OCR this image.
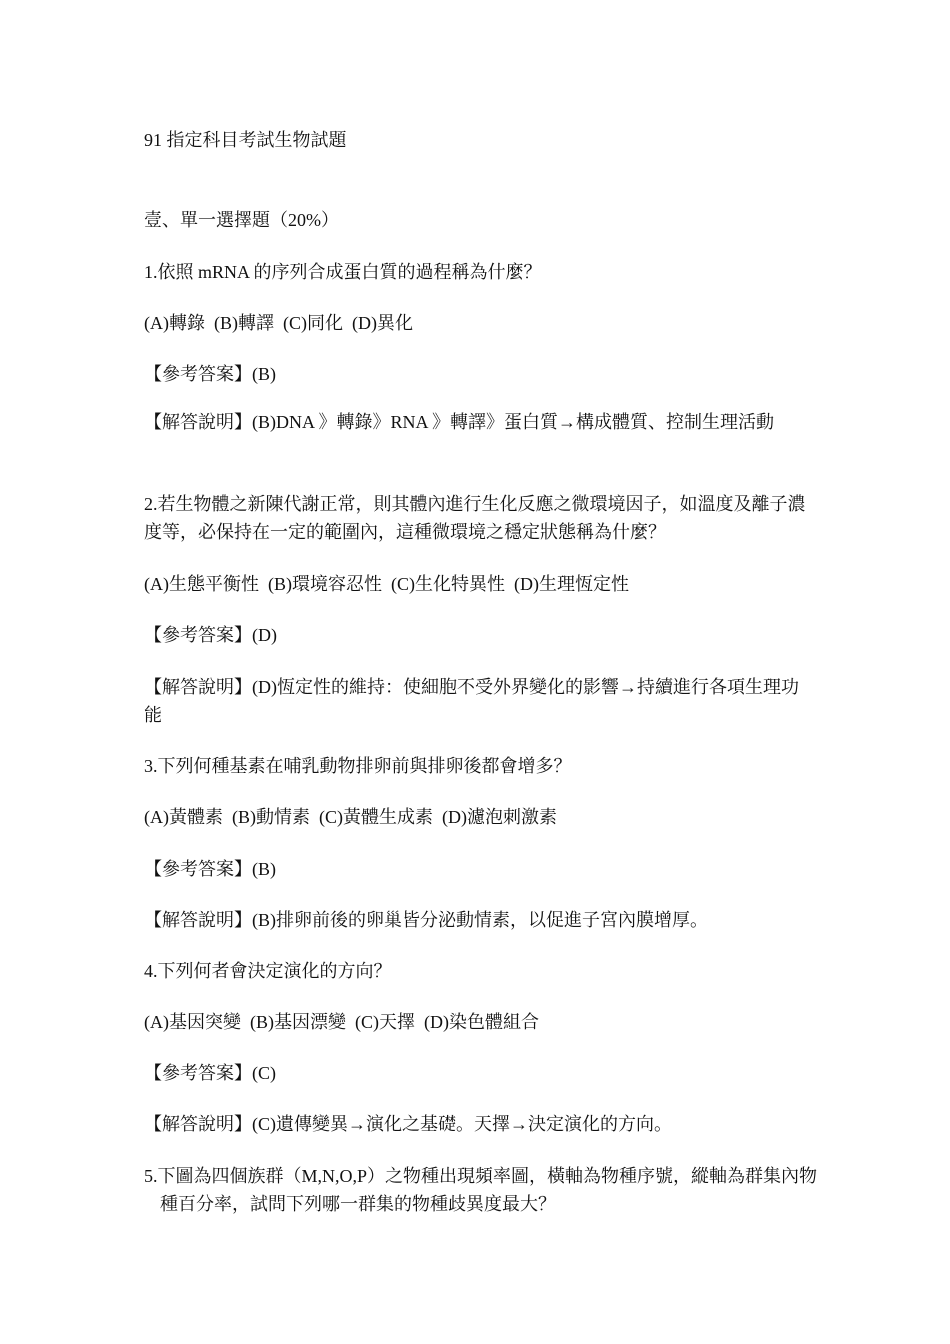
91 指定科目考試生物試題
壹、單一選擇題（20%）
1.依照 mRNA 的序列合成蛋白質的過程稱為什麼？
(A)轉錄  (B)轉譯  (C)同化  (D)異化
【參考答案】(B)
【解答說明】(B)DNA 》轉錄》RNA 》轉譯》蛋白質→構成體質、控制生理活動
2.若生物體之新陳代謝正常，則其體內進行生化反應之微環境因子，如溫度及離子濃度等，必保持在一定的範圍內，這種微環境之穩定狀態稱為什麼？
(A)生態平衡性  (B)環境容忍性  (C)生化特異性  (D)生理恆定性
【參考答案】(D)
【解答說明】(D)恆定性的維持：使細胞不受外界變化的影響→持續進行各項生理功能
3.下列何種基素在哺乳動物排卵前與排卵後都會增多？
(A)黃體素  (B)動情素  (C)黃體生成素  (D)濾泡刺激素
【參考答案】(B)
【解答說明】(B)排卵前後的卵巢皆分泌動情素，以促進子宮內膜增厚。
4.下列何者會決定演化的方向？
(A)基因突變  (B)基因漂變  (C)天擇  (D)染色體組合
【參考答案】(C)
【解答說明】(C)遺傳變異→演化之基礎。天擇→決定演化的方向。
5.下圖為四個族群（M,N,O,P）之物種出現頻率圖，橫軸為物種序號，縱軸為群集內物種百分率，試問下列哪一群集的物種歧異度最大？
